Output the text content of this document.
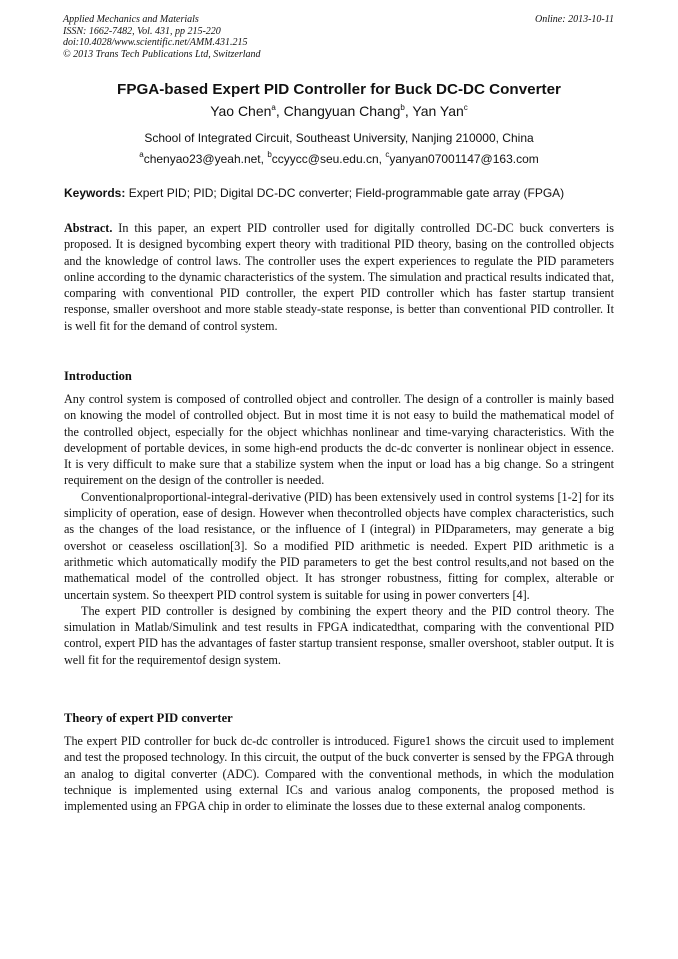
Applied Mechanics and Materials
ISSN: 1662-7482, Vol. 431, pp 215-220
doi:10.4028/www.scientific.net/AMM.431.215
© 2013 Trans Tech Publications Ltd, Switzerland
Online: 2013-10-11
FPGA-based Expert PID Controller for Buck DC-DC Converter
Yao Chen$^a$, Changyuan Chang$^b$, Yan Yan$^c$
School of Integrated Circuit, Southeast University, Nanjing 210000, China
$^a$chenyao23@yeah.net, $^b$ccyycc@seu.edu.cn, $^c$yanyan07001147@163.com
Keywords: Expert PID; PID; Digital DC-DC converter; Field-programmable gate array (FPGA)

Abstract. In this paper, an expert PID controller used for digitally controlled DC-DC buck converters is proposed. It is designed bycombing expert theory with traditional PID theory, basing on the controlled objects and the knowledge of control laws. The controller uses the expert experiences to regulate the PID parameters online according to the dynamic characteristics of the system. The simulation and practical results indicated that, comparing with conventional PID controller, the expert PID controller which has faster startup transient response, smaller overshoot and more stable steady-state response, is better than conventional PID controller. It is well fit for the demand of control system.

Introduction

Any control system is composed of controlled object and controller. The design of a controller is mainly based on knowing the model of controlled object. But in most time it is not easy to build the mathematical model of the controlled object, especially for the object whichhas nonlinear and time-varying characteristics. With the development of portable devices, in some high-end products the dc-dc converter is nonlinear object in essence. It is very difficult to make sure that a stabilize system when the input or load has a big change. So a stringent requirement on the design of the controller is needed.

Conventionalproportional-integral-derivative (PID) has been extensively used in control systems [1-2] for its simplicity of operation, ease of design. However when thecontrolled objects have complex characteristics, such as the changes of the load resistance, or the influence of I (integral) in PIDparameters, may generate a big overshot or ceaseless oscillation[3]. So a modified PID arithmetic is needed. Expert PID arithmetic is a arithmetic which automatically modify the PID parameters to get the best control results,and not based on the mathematical model of the controlled object. It has stronger robustness, fitting for complex, alterable or uncertain system. So theexpert PID control system is suitable for using in power converters [4].

The expert PID controller is designed by combining the expert theory and the PID control theory. The simulation in Matlab/Simulink and test results in FPGA indicatedthat, comparing with the conventional PID control, expert PID has the advantages of faster startup transient response, smaller overshoot, stabler output. It is well fit for the requirementof design system.

Theory of expert PID converter

The expert PID controller for buck dc-dc controller is introduced. Figure1 shows the circuit used to implement and test the proposed technology. In this circuit, the output of the buck converter is sensed by the FPGA through an analog to digital converter (ADC). Compared with the conventional methods, in which the modulation technique is implemented using external ICs and various analog components, the proposed method is implemented using an FPGA chip in order to eliminate the losses due to these external analog components.
